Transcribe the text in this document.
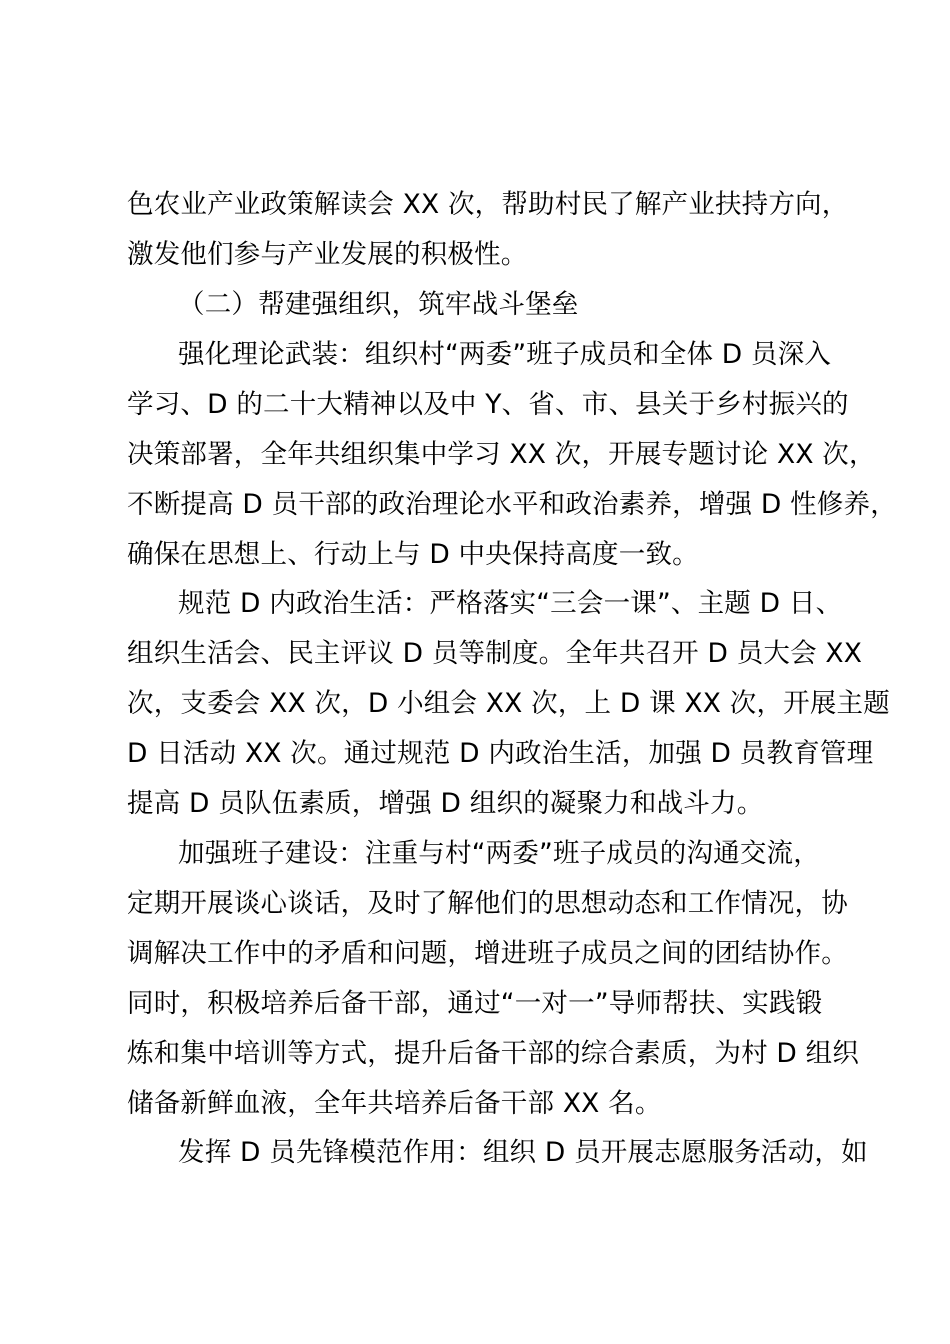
色农业产业政策解读会 XX 次，帮助村民了解产业扶持方向，
激发他们参与产业发展的积极性。
（二）帮建强组织，筑牢战斗堡垒
强化理论武装：组织村“两委”班子成员和全体 D 员深入
学习、D 的二十大精神以及中 Y、省、市、县关于乡村振兴的
决策部署，全年共组织集中学习 XX 次，开展专题讨论 XX 次，
不断提高 D 员干部的政治理论水平和政治素养，增强 D 性修养，
确保在思想上、行动上与 D 中央保持高度一致。
规范 D 内政治生活：严格落实“三会一课”、主题 D 日、
组织生活会、民主评议 D 员等制度。全年共召开 D 员大会 XX
次，支委会 XX 次，D 小组会 XX 次，上 D 课 XX 次，开展主题
D 日活动 XX 次。通过规范 D 内政治生活，加强 D 员教育管理
提高 D 员队伍素质，增强 D 组织的凝聚力和战斗力。
加强班子建设：注重与村“两委”班子成员的沟通交流，
定期开展谈心谈话，及时了解他们的思想动态和工作情况，协
调解决工作中的矛盾和问题，增进班子成员之间的团结协作。
同时，积极培养后备干部，通过“一对一”导师帮扶、实践锻
炼和集中培训等方式，提升后备干部的综合素质，为村 D 组织
储备新鲜血液，全年共培养后备干部 XX 名。
发挥 D 员先锋模范作用：组织 D 员开展志愿服务活动，如
